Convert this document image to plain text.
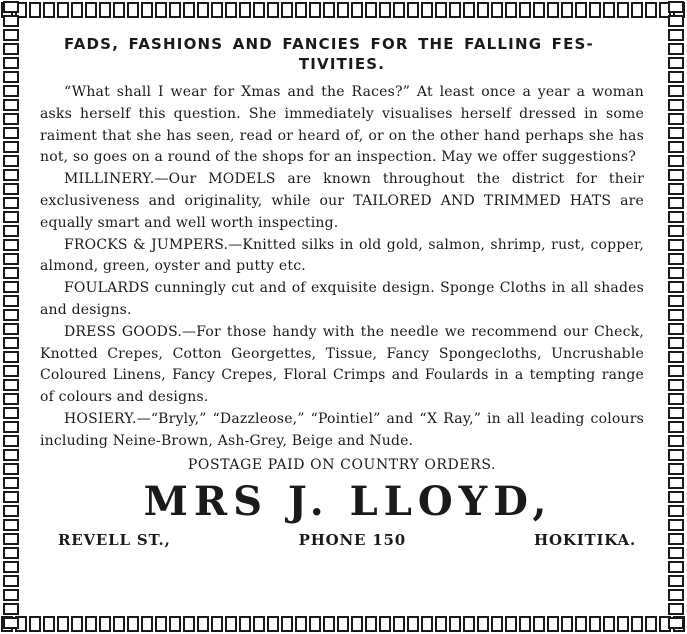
FADS, FASHIONS AND FANCIES FOR THE FALLING FES-
TIVITIES.

“What shall I wear for Xmas and the Races?” At least once a year a woman asks herself this question. She immediately visualises herself dressed in some raiment that she has seen, read or heard of, or on the other hand perhaps she has not, so goes on a round of the shops for an inspection. May we offer suggestions?

MILLINERY.—Our MODELS are known throughout the district for their exclusiveness and originality, while our TAILORED AND TRIMMED HATS are equally smart and well worth inspecting.

FROCKS & JUMPERS.—Knitted silks in old gold, salmon, shrimp, rust, copper, almond, green, oyster and putty etc.

FOULARDS cunningly cut and of exquisite design. Sponge Cloths in all shades and designs.

DRESS GOODS.—For those handy with the needle we recommend our Check, Knotted Crepes, Cotton Georgettes, Tissue, Fancy Spongecloths, Uncrushable Coloured Linens, Fancy Crepes, Floral Crimps and Foulards in a tempting range of colours and designs.

HOSIERY.—“Bryly,” “Dazzleose,” “Pointiel” and “X Ray,” in all leading colours including Neine-Brown, Ash-Grey, Beige and Nude.

POSTAGE PAID ON COUNTRY ORDERS.
MRS J. LLOYD,
REVELL ST.,	PHONE 150	HOKITIKA.
